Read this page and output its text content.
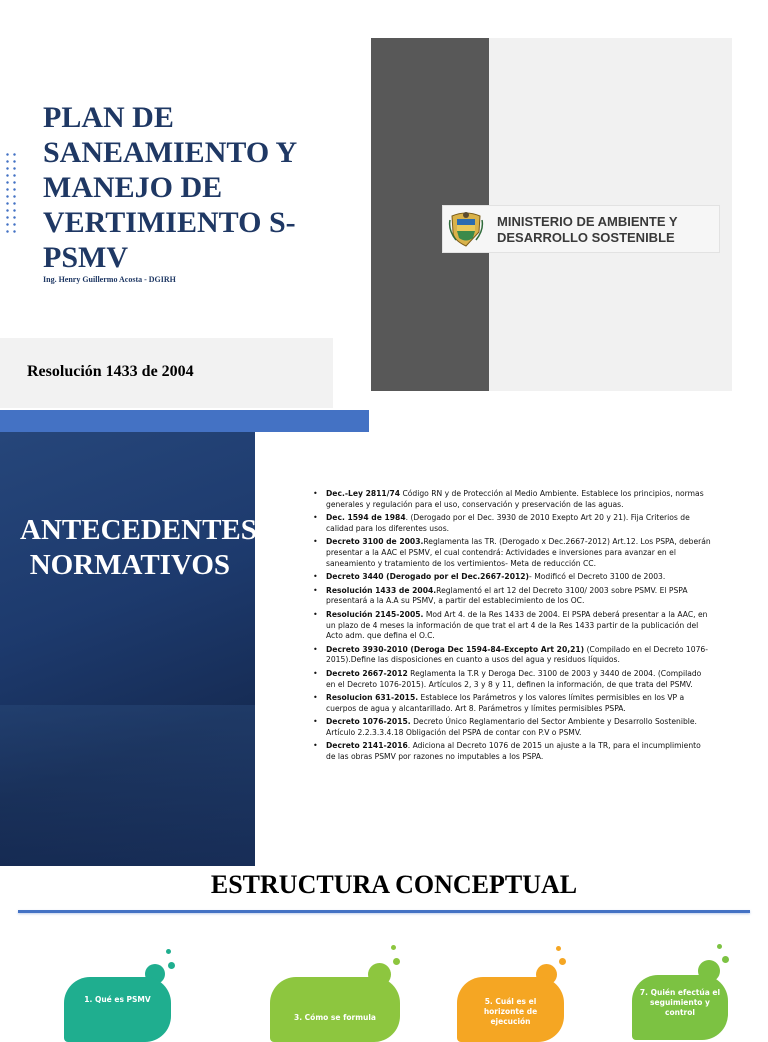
PLAN DE SANEAMIENTO Y MANEJO DE VERTIMIENTO S-PSMV

Ing. Henry Guillermo Acosta - DGIRH

Resolución 1433 de 2004

MINISTERIO DE AMBIENTE Y
DESARROLLO SOSTENIBLE

ANTECEDENTES NORMATIVOS
• Dec.-Ley 2811/74 Código RN y de Protección al Medio Ambiente. Establece los principios, normas generales y regulación para el uso, conservación y preservación de las aguas.
• Dec. 1594 de 1984. (Derogado por el Dec. 3930 de 2010 Exepto Art 20 y 21). Fija Criterios de calidad para los diferentes usos.
• Decreto 3100 de 2003.Reglamenta las TR. (Derogado x Dec.2667-2012) Art.12. Los PSPA, deberán presentar a la AAC el PSMV, el cual contendrá: Actividades e inversiones para avanzar en el saneamiento y tratamiento de los vertimientos- Meta de reducción CC.
• Decreto 3440 (Derogado por el Dec.2667-2012)- Modificó el Decreto 3100 de 2003.
• Resolución 1433 de 2004.Reglamentó el art 12 del Decreto 3100/ 2003 sobre PSMV. El PSPA presentará a la A.A su PSMV, a partir del establecimiento de los OC.
• Resolución 2145-2005. Mod Art 4. de la Res 1433 de 2004. El PSPA deberá presentar a la AAC, en un plazo de 4 meses la información de que trat el art 4 de la Res 1433 partir de la publicación del Acto adm. que defina el O.C.
• Decreto 3930-2010 (Deroga Dec 1594-84-Excepto Art 20,21) (Compilado en el Decreto 1076-2015).Define las disposiciones en cuanto a usos del agua y residuos líquidos.
• Decreto 2667-2012 Reglamenta la T.R y Deroga Dec. 3100 de 2003 y 3440 de 2004. (Compilado en el Decreto 1076-2015). Artículos 2, 3 y 8 y 11, definen la información, de que trata del PSMV.
• Resolucion 631-2015. Establece los Parámetros y los valores límites permisibles en los VP a cuerpos de agua y alcantarillado. Art 8. Parámetros y límites permisibles PSPA.
• Decreto 1076-2015. Decreto Único Reglamentario del Sector Ambiente y Desarrollo Sostenible. Artículo 2.2.3.3.4.18 Obligación del PSPA de contar con P.V o PSMV.
• Decreto 2141-2016. Adiciona al Decreto 1076 de 2015 un ajuste a la TR, para el incumplimiento de las obras PSMV por razones no imputables a los PSPA.
ESTRUCTURA CONCEPTUAL
1. Qué es PSMV
3. Cómo se formula
5. Cuál es el horizonte de ejecución
7. Quién efectúa el seguimiento y control
